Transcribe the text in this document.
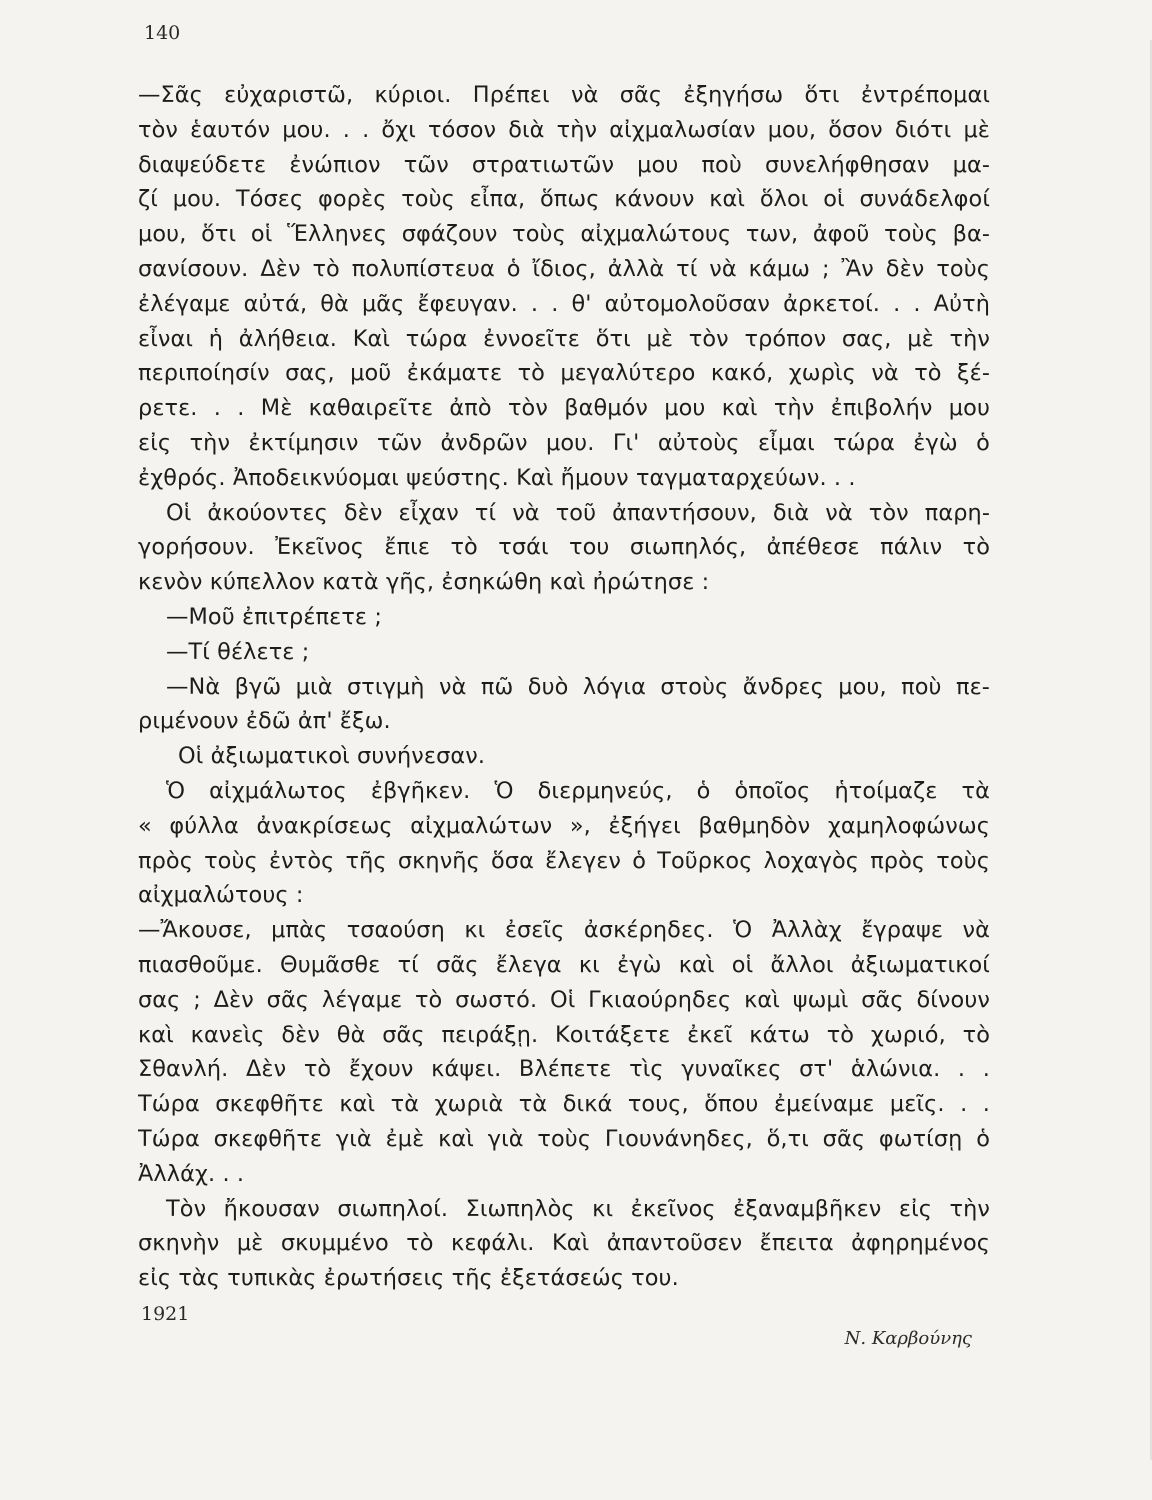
140
—Σᾶς εὐχαριστῶ, κύριοι. Πρέπει νὰ σᾶς ἐξηγήσω ὅτι ἐντρέπομαι
τὸν ἑαυτόν μου. . . ὄχι τόσον διὰ τὴν αἰχμαλωσίαν μου, ὅσον διότι μὲ
διαψεύδετε ἐνώπιον τῶν στρατιωτῶν μου ποὺ συνελήφθησαν μα-
ζί μου. Τόσες φορὲς τοὺς εἶπα, ὅπως κάνουν καὶ ὅλοι οἱ συνάδελφοί
μου, ὅτι οἱ Ἕλληνες σφάζουν τοὺς αἰχμαλώτους των, ἀφοῦ τοὺς βα-
σανίσουν. Δὲν τὸ πολυπίστευα ὁ ἴδιος, ἀλλὰ τί νὰ κάμω ; Ἂν δὲν τοὺς
ἐλέγαμε αὐτά, θὰ μᾶς ἔφευγαν. . . θ' αὐτομολοῦσαν ἀρκετοί. . . Αὐτὴ
εἶναι ἡ ἀλήθεια. Καὶ τώρα ἐννοεῖτε ὅτι μὲ τὸν τρόπον σας, μὲ τὴν
περιποίησίν σας, μοῦ ἐκάματε τὸ μεγαλύτερο κακό, χωρὶς νὰ τὸ ξέ-
ρετε. . . Μὲ καθαιρεῖτε ἀπὸ τὸν βαθμόν μου καὶ τὴν ἐπιβολήν μου
εἰς τὴν ἐκτίμησιν τῶν ἀνδρῶν μου. Γι' αὐτοὺς εἶμαι τώρα ἐγὼ ὁ
ἐχθρός. Ἀποδεικνύομαι ψεύστης. Καὶ ἤμουν ταγματαρχεύων. . .
Οἱ ἀκούοντες δὲν εἶχαν τί νὰ τοῦ ἀπαντήσουν, διὰ νὰ τὸν παρη-
γορήσουν. Ἐκεῖνος ἔπιε τὸ τσάι του σιωπηλός, ἀπέθεσε πάλιν τὸ
κενὸν κύπελλον κατὰ γῆς, ἐσηκώθη καὶ ἠρώτησε :
—Μοῦ ἐπιτρέπετε ;
—Τί θέλετε ;
—Νὰ βγῶ μιὰ στιγμὴ νὰ πῶ δυὸ λόγια στοὺς ἄνδρες μου, ποὺ πε-
ριμένουν ἐδῶ ἀπ' ἔξω.
Οἱ ἀξιωματικοὶ συνήνεσαν.
Ὁ αἰχμάλωτος ἐβγῆκεν. Ὁ διερμηνεύς, ὁ ὁποῖος ἡτοίμαζε τὰ
« φύλλα ἀνακρίσεως αἰχμαλώτων », ἐξήγει βαθμηδὸν χαμηλοφώνως
πρὸς τοὺς ἐντὸς τῆς σκηνῆς ὅσα ἔλεγεν ὁ Τοῦρκος λοχαγὸς πρὸς τοὺς
αἰχμαλώτους :
—Ἄκουσε, μπὰς τσαούση κι ἐσεῖς ἀσκέρηδες. Ὁ Ἀλλὰχ ἔγραψε νὰ
πιασθοῦμε. Θυμᾶσθε τί σᾶς ἔλεγα κι ἐγὼ καὶ οἱ ἄλλοι ἀξιωματικοί
σας ; Δὲν σᾶς λέγαμε τὸ σωστό. Οἱ Γκιαούρηδες καὶ ψωμὶ σᾶς δίνουν
καὶ κανεὶς δὲν θὰ σᾶς πειράξῃ. Κοιτάξετε ἐκεῖ κάτω τὸ χωριό, τὸ
Σθανλή. Δὲν τὸ ἔχουν κάψει. Βλέπετε τὶς γυναῖκες στ' ἁλώνια. . .
Τώρα σκεφθῆτε καὶ τὰ χωριὰ τὰ δικά τους, ὅπου ἐμείναμε μεῖς. . .
Τώρα σκεφθῆτε γιὰ ἐμὲ καὶ γιὰ τοὺς Γιουνάνηδες, ὅ,τι σᾶς φωτίσῃ ὁ
Ἀλλάχ. . .
Τὸν ἤκουσαν σιωπηλοί. Σιωπηλὸς κι ἐκεῖνος ἐξαναμβῆκεν εἰς τὴν
σκηνὴν μὲ σκυμμένο τὸ κεφάλι. Καὶ ἀπαντοῦσεν ἔπειτα ἀφηρημένος
εἰς τὰς τυπικὰς ἐρωτήσεις τῆς ἐξετάσεώς του.
1921
Ν. Καρβούνης
